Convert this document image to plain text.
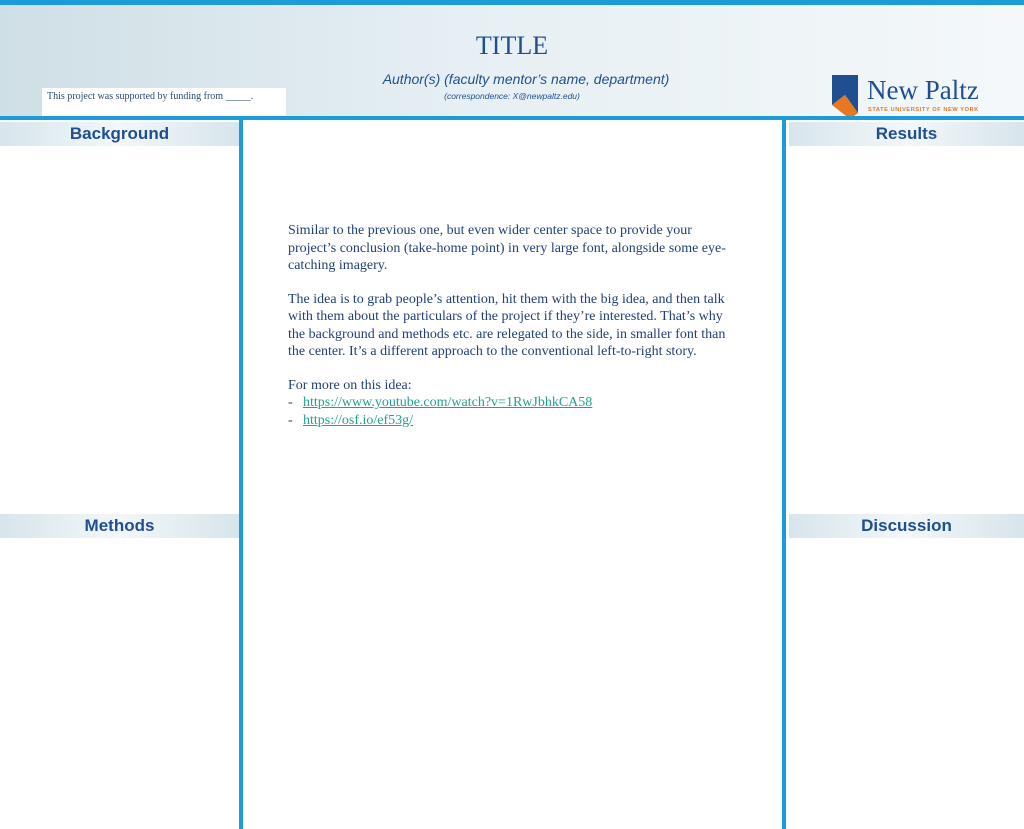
TITLE
Author(s) (faculty mentor’s name, department)
(correspondence: X@newpaltz.edu)
This project was supported by funding from _____.	New Paltz
STATE UNIVERSITY OF NEW YORK
Background
Methods
Results
Discussion

Similar to the previous one, but even wider center space to provide your project’s conclusion (take-home point) in very large font, alongside some eye-catching imagery.

The idea is to grab people’s attention, hit them with the big idea, and then talk with them about the particulars of the project if they’re interested. That’s why the background and methods etc. are relegated to the side, in smaller font than the center. It’s a different approach to the conventional left-to-right story.

For more on this idea:
- https://www.youtube.com/watch?v=1RwJbhkCA58
- https://osf.io/ef53g/
